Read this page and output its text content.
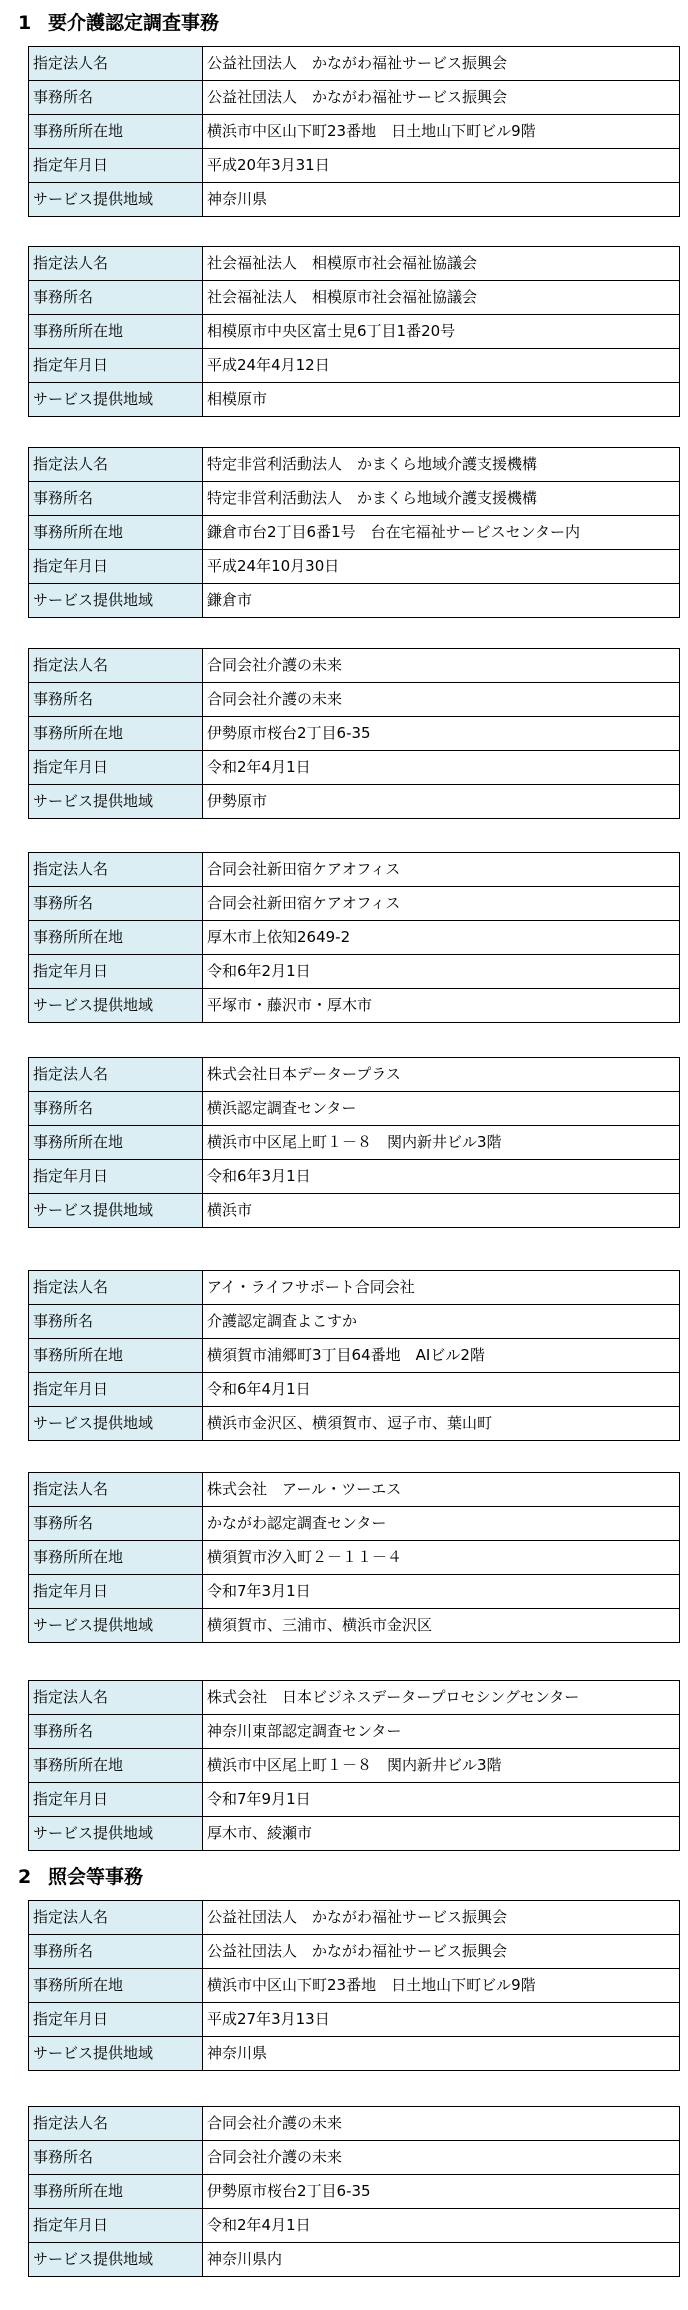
1 要介護認定調査事務
指定法人名	公益社団法人　かながわ福祉サービス振興会
事務所名	公益社団法人　かながわ福祉サービス振興会
事務所所在地	横浜市中区山下町23番地　日土地山下町ビル9階
指定年月日	平成20年3月31日
サービス提供地域	神奈川県
指定法人名	社会福祉法人　相模原市社会福祉協議会
事務所名	社会福祉法人　相模原市社会福祉協議会
事務所所在地	相模原市中央区富士見6丁目1番20号
指定年月日	平成24年4月12日
サービス提供地域	相模原市
指定法人名	特定非営利活動法人　かまくら地域介護支援機構
事務所名	特定非営利活動法人　かまくら地域介護支援機構
事務所所在地	鎌倉市台2丁目6番1号　台在宅福祉サービスセンター内
指定年月日	平成24年10月30日
サービス提供地域	鎌倉市
指定法人名	合同会社介護の未来
事務所名	合同会社介護の未来
事務所所在地	伊勢原市桜台2丁目6-35
指定年月日	令和2年4月1日
サービス提供地域	伊勢原市
指定法人名	合同会社新田宿ケアオフィス
事務所名	合同会社新田宿ケアオフィス
事務所所在地	厚木市上依知2649-2
指定年月日	令和6年2月1日
サービス提供地域	平塚市・藤沢市・厚木市
指定法人名	株式会社日本データープラス
事務所名	横浜認定調査センター
事務所所在地	横浜市中区尾上町１－８　関内新井ビル3階
指定年月日	令和6年3月1日
サービス提供地域	横浜市
指定法人名	アイ・ライフサポート合同会社
事務所名	介護認定調査よこすか
事務所所在地	横須賀市浦郷町3丁目64番地　AIビル2階
指定年月日	令和6年4月1日
サービス提供地域	横浜市金沢区、横須賀市、逗子市、葉山町
指定法人名	株式会社　アール・ツーエス
事務所名	かながわ認定調査センター
事務所所在地	横須賀市汐入町２－１１－４
指定年月日	令和7年3月1日
サービス提供地域	横須賀市、三浦市、横浜市金沢区
指定法人名	株式会社　日本ビジネスデータープロセシングセンター
事務所名	神奈川東部認定調査センター
事務所所在地	横浜市中区尾上町１－８　関内新井ビル3階
指定年月日	令和7年9月1日
サービス提供地域	厚木市、綾瀬市
2 照会等事務
指定法人名	公益社団法人　かながわ福祉サービス振興会
事務所名	公益社団法人　かながわ福祉サービス振興会
事務所所在地	横浜市中区山下町23番地　日土地山下町ビル9階
指定年月日	平成27年3月13日
サービス提供地域	神奈川県
指定法人名	合同会社介護の未来
事務所名	合同会社介護の未来
事務所所在地	伊勢原市桜台2丁目6-35
指定年月日	令和2年4月1日
サービス提供地域	神奈川県内
